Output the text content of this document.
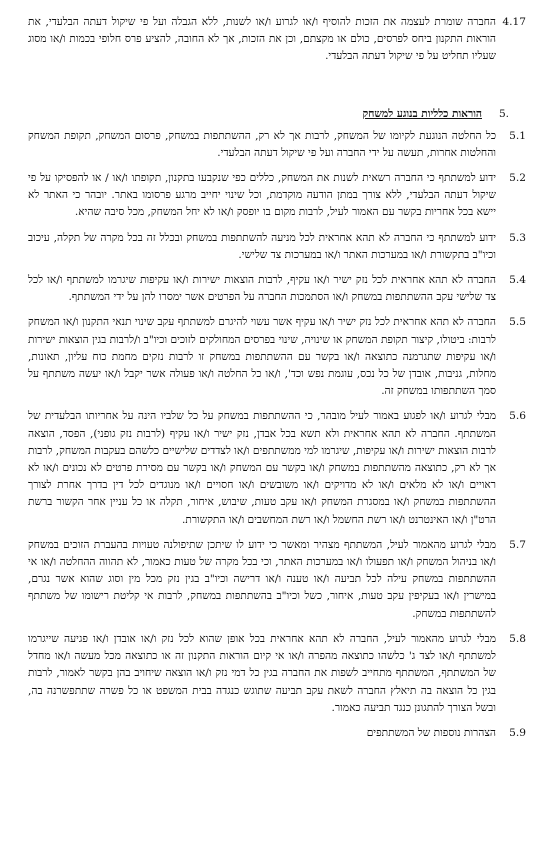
4.17
החברה שומרת לעצמה את הזכות להוסיף ו/או לגרוע ו/או לשנות, ללא הגבלה ועל פי שיקול דעתה הבלעדי, את הוראות התקנון ביחס לפרסים, כולם או מקצתם, וכן את הזכות, אך לא החובה, להציע פרס חלופי בכמות ו/או מסוג שעליו תחליט על פי שיקול דעתה הבלעדי.
5.
הוראות כלליות בנוגע למשחק
5.1
כל החלטה הנוגעת לקיומו של המשחק, לרבות אך לא רק, ההשתתפות במשחק, פרסום המשחק, תקופת המשחק והחלטות אחרות, תעשה על ידי החברה ועל פי שיקול דעתה הבלעדי.
5.2
ידוע למשתתף כי החברה רשאית לשנות את המשחק, כללים כפי שנקבעו בתקנון, תקופתו ו/או / או להפסיקו על פי שיקול דעתה הבלעדי, ללא צורך במתן הודעה מוקדמת, וכל שינוי יחייב מרגע פרסומו באתר. יובהר כי האתר לא יישא בכל אחריות בקשר עם האמור לעיל, לרבות מקום בו יופסק ו/או לא יחל המשחק, מכל סיבה שהיא.
5.3
ידוע למשתתף כי החברה לא תהא אחראית לכל מניעה להשתתפות במשחק ובכלל זה בכל מקרה של תקלה, עיכוב וכיו"ב בתקשורת ו/או במערכות האתר ו/או במערכות צד שלישי.
5.4
החברה לא תהא אחראית לכל נזק ישיר ו/או עקיף, לרבות הוצאות ישירות ו/או עקיפות שיגרמו למשתתף ו/או לכל צד שלישי עקב ההשתתפות במשחק ו/או הסתמכות החברה על הפרטים אשר ימסרו להן על ידי המשתתף.
5.5
החברה לא תהא אחראית לכל נזק ישיר ו/או עקיף אשר עשוי להיגרם למשתתף עקב שינוי תנאי התקנון ו/או המשחק לרבות: ביטולו, קיצור תקופת המשחק או שינויה, שינוי בפרסים המחולקים לזוכים וכיו"ב ו/לרבות בגין הוצאות ישירות ו/או עקיפות שתגרמנה כתוצאה ו/או בקשר עם ההשתתפות במשחק זו לרבות נזקים מחמת כוח עליון, תאונות, מחלות, גניבות, אובדן של כל נכס, עוגמת נפש וכד', ו/או כל החלטה ו/או פעולה אשר יקבל ו/או יעשה משתתף על סמך השתתפותו במשחק זה.
5.6
מבלי לגרוע ו/או לפגוע באמור לעיל מובהר, כי ההשתתפות במשחק על כל שלביו הינה על אחריותו הבלעדית של המשתתף. החברה לא תהא אחראית ולא תשא בכל אבדן, נזק ישיר ו/או עקיף (לרבות נזק גופני), הפסד, הוצאה לרבות הוצאות ישירות ו/או עקיפות, שיגרמו למי ממשתתפים ו/או לצדדים שלישיים כלשהם בעקבות המשחק, לרבות אך לא רק, כתוצאה מהשתתפות במשחק ו/או בקשר עם המשחק ו/או בקשר עם מסירת פרטים לא נכונים ו/או לא ראויים ו/או לא מלאים ו/או לא מדויקים ו/או משובשים ו/או חסויים ו/או מנוגדים לכל דין בדרך אחרת לצורך ההשתתפות במשחק ו/או במסגרת המשחק ו/או עקב טעות, שיבוש, איחור, תקלה או כל עניין אחר הקשור ברשת הרט"ן ו/או האינטרנט ו/או רשת החשמל ו/או רשת המחשבים ו/או התקשורת.
5.7
מבלי לגרוע מהאמור לעיל, המשתתף מצהיר ומאשר כי ידוע לו שיתכן שתיפולנה טעויות בהעברת הזוכים במשחק ו/או בניהול המשחק ו/או תפעולו ו/או במערכות האתר, וכי בכל מקרה של טעות כאמור, לא תהווה ההחלטה ו/או אי ההשתתפות במשחק עילה לכל תביעה ו/או טענה ו/או דרישה וכיו"ב בגין נזק מכל מין וסוג שהוא אשר נגרם, במישרין ו/או בעקיפין עקב טעות, איחור, כשל וכיו"ב בהשתתפות במשחק, לרבות אי קליטת רישומו של משתתף להשתתפות במשחק.
5.8
מבלי לגרוע מהאמור לעיל, החברה לא תהא אחראית בכל אופן שהוא לכל נזק ו/או אובדן ו/או פגיעה שייגרמו למשתתף ו/או לצד ג' כלשהו כתוצאה מהפרה ו/או אי קיום הוראות התקנון זה או כתוצאה מכל מעשה ו/או מחדל של המשתתף, המשתתף מתחייב לשפות את החברה בגין כל דמי נזק ו/או הוצאה שיחויב בהן בקשר לאמור, לרבות בגין כל הוצאה בה תיאלץ החברה לשאת עקב תביעה שתוגש כנגדה בבית המשפט או כל פשרה שתתפשרנה בה, ובשל הצורך להתגונן כנגד תביעה כאמור.
5.9
הצהרות נוספות של המשתתפים
